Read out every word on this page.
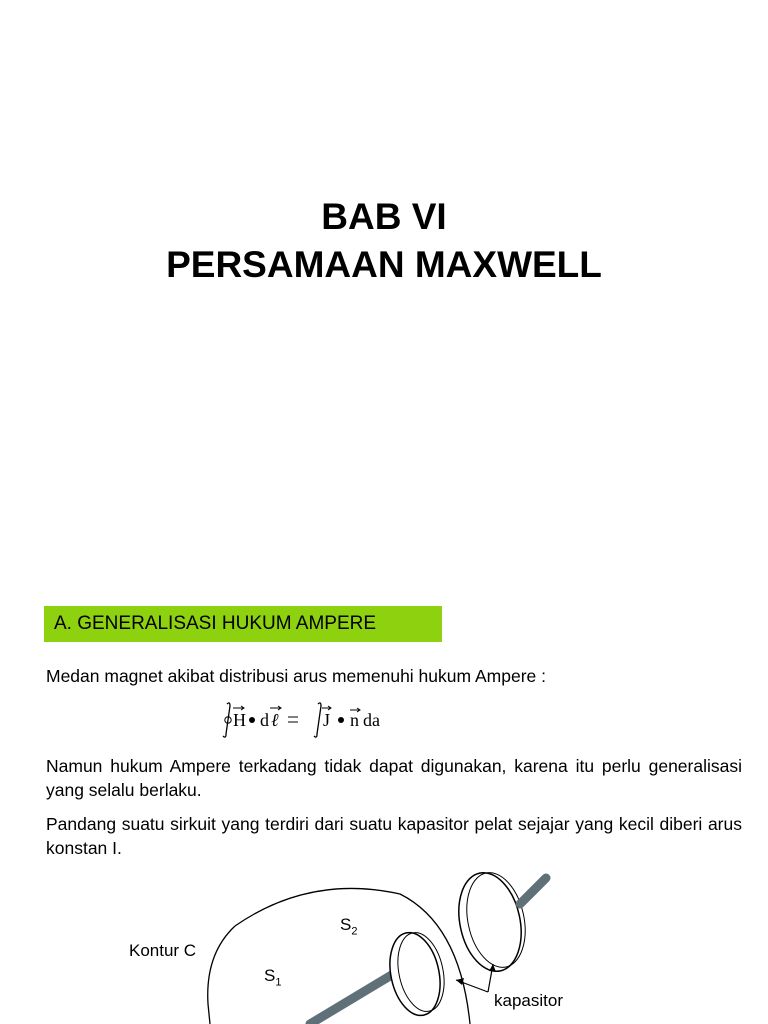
BAB VI
PERSAMAAN MAXWELL
A. GENERALISASI HUKUM AMPERE
Medan magnet akibat distribusi arus memenuhi hukum Ampere :
H d ℓ J n da
Namun hukum Ampere terkadang tidak dapat digunakan, karena itu perlu generalisasi yang selalu berlaku.
Pandang suatu sirkuit yang terdiri dari suatu kapasitor pelat sejajar yang kecil diberi arus konstan I.
Kontur C
$S_2$
$S_1$
kapasitor
